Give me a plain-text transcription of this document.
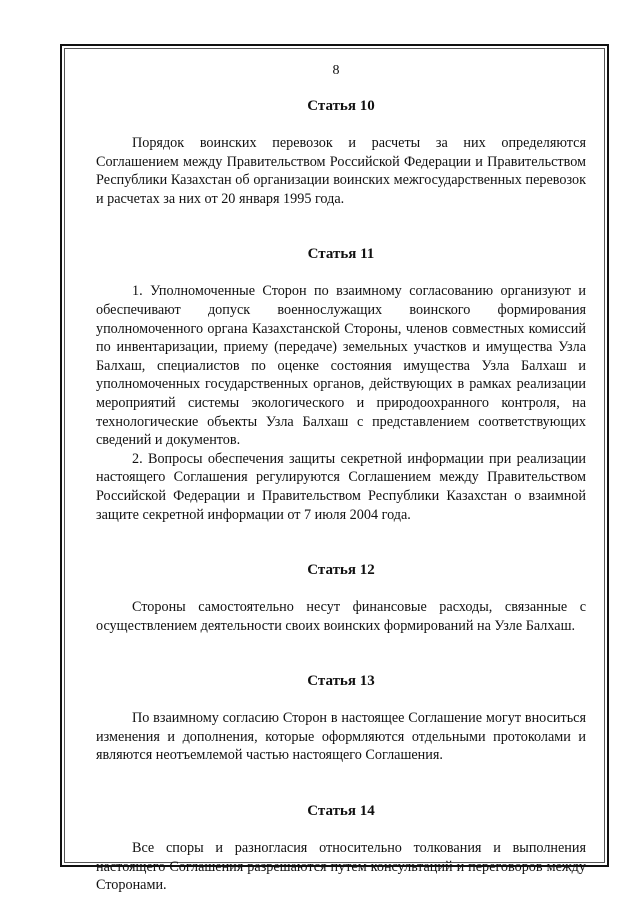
8

Статья 10

Порядок воинских перевозок и расчеты за них определяются Соглашением между Правительством Российской Федерации и Правительством Республики Казахстан об организации воинских межгосударственных перевозок и расчетах за них от 20 января 1995 года.

Статья 11

1. Уполномоченные Сторон по взаимному согласованию организуют и обеспечивают допуск военнослужащих воинского формирования уполномоченного органа Казахстанской Стороны, членов совместных комиссий по инвентаризации, приему (передаче) земельных участков и имущества Узла Балхаш, специалистов по оценке состояния имущества Узла Балхаш и уполномоченных государственных органов, действующих в рамках реализации мероприятий системы экологического и природоохранного контроля, на технологические объекты Узла Балхаш с представлением соответствующих сведений и документов.

2. Вопросы обеспечения защиты секретной информации при реализации настоящего Соглашения регулируются Соглашением между Правительством Российской Федерации и Правительством Республики Казахстан о взаимной защите секретной информации от 7 июля 2004 года.

Статья 12

Стороны самостоятельно несут финансовые расходы, связанные с осуществлением деятельности своих воинских формирований на Узле Балхаш.

Статья 13

По взаимному согласию Сторон в настоящее Соглашение могут вноситься изменения и дополнения, которые оформляются отдельными протоколами и являются неотъемлемой частью настоящего Соглашения.

Статья 14

Все споры и разногласия относительно толкования и выполнения настоящего Соглашения разрешаются путем консультаций и переговоров между Сторонами.
